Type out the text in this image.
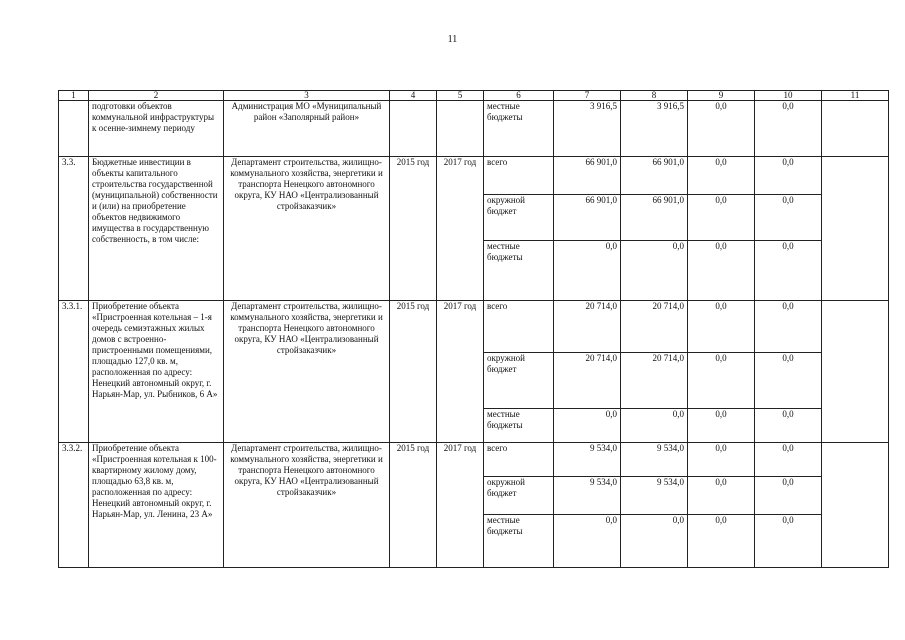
11
1	2	3	4	5	6	7	8	9	10	11
	подготовки объектов коммунальной инфраструктуры к осенне-зимнему периоду	Администрация МО «Муниципальный район «Заполярный район»			местные бюджеты	3 916,5	3 916,5	0,0	0,0	
3.3.	Бюджетные инвестиции в объекты капитального строительства государственной (муниципальной) собственности и (или) на приобретение объектов недвижимого имущества в государственную собственность, в том числе:	Департамент строительства, жилищно-коммунального хозяйства, энергетики и транспорта Ненецкого автономного округа, КУ НАО «Централизованный стройзаказчик»	2015 год	2017 год	всего	66 901,0	66 901,0	0,0	0,0	
					окружной бюджет	66 901,0	66 901,0	0,0	0,0	
					местные бюджеты	0,0	0,0	0,0	0,0	
3.3.1.	Приобретение объекта «Пристроенная котельная – 1-я очередь семиэтажных жилых домов с встроенно-пристроенными помещениями, площадью 127,0 кв. м, расположенная по адресу: Ненецкий автономный округ, г. Нарьян-Мар, ул. Рыбников, 6 А»	Департамент строительства, жилищно-коммунального хозяйства, энергетики и транспорта Ненецкого автономного округа, КУ НАО «Централизованный стройзаказчик»	2015 год	2017 год	всего	20 714,0	20 714,0	0,0	0,0	
					окружной бюджет	20 714,0	20 714,0	0,0	0,0	
					местные бюджеты	0,0	0,0	0,0	0,0	
3.3.2.	Приобретение объекта «Пристроенная котельная к 100-квартирному жилому дому, площадью 63,8 кв. м, расположенная по адресу: Ненецкий автономный округ, г. Нарьян-Мар, ул. Ленина, 23 А»	Департамент строительства, жилищно-коммунального хозяйства, энергетики и транспорта Ненецкого автономного округа, КУ НАО «Централизованный стройзаказчик»	2015 год	2017 год	всего	9 534,0	9 534,0	0,0	0,0	
					окружной бюджет	9 534,0	9 534,0	0,0	0,0	
					местные бюджеты	0,0	0,0	0,0	0,0	
